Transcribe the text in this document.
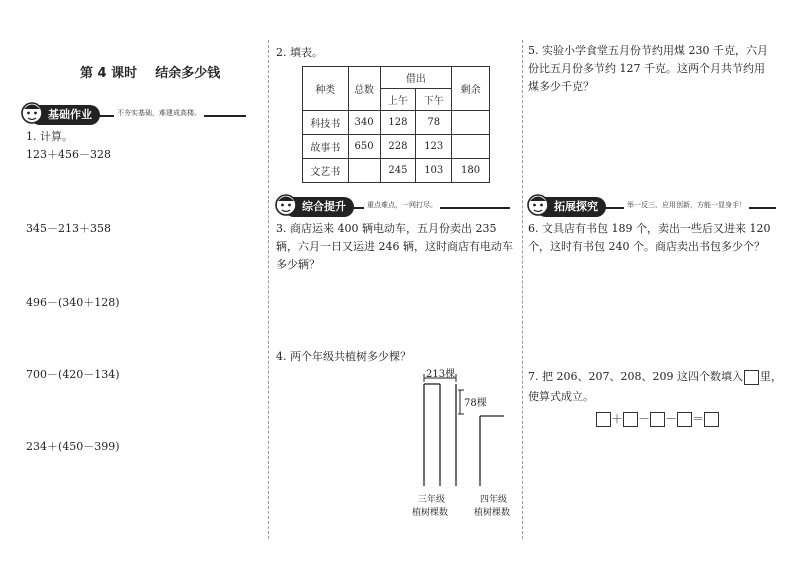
第 4 课时    结余多少钱
基础作业	不夯实基础，难建成高楼。
1. 计算。
123＋456－328
345－213＋358
496－(340＋128)
700－(420－134)
234＋(450－399)
2. 填表。
种类	总数	借出		剩余
		上午	下午	
科技书	340	128	78	
故事书	650	228	123	
文艺书		245	103	180
综合提升	重点难点，一网打尽。
3. 商店运来 400 辆电动车，五月份卖出 235 辆，六月一日又运进 246 辆，这时商店有电动车多少辆？
4. 两个年级共植树多少棵？
213棵
78棵
三年级
植树棵数
四年级
植树棵数
5. 实验小学食堂五月份节约用煤 230 千克，六月份比五月份多节约 127 千克。这两个月共节约用煤多少千克？
拓展探究	举一反三，应用创新，方能一显身手！
6. 文具店有书包 189 个，卖出一些后又进来 120 个，这时有书包 240 个。商店卖出书包多少个？
7. 把 206、207、208、209 这四个数填入 里，
使算式成立。
＋ － － ＝
